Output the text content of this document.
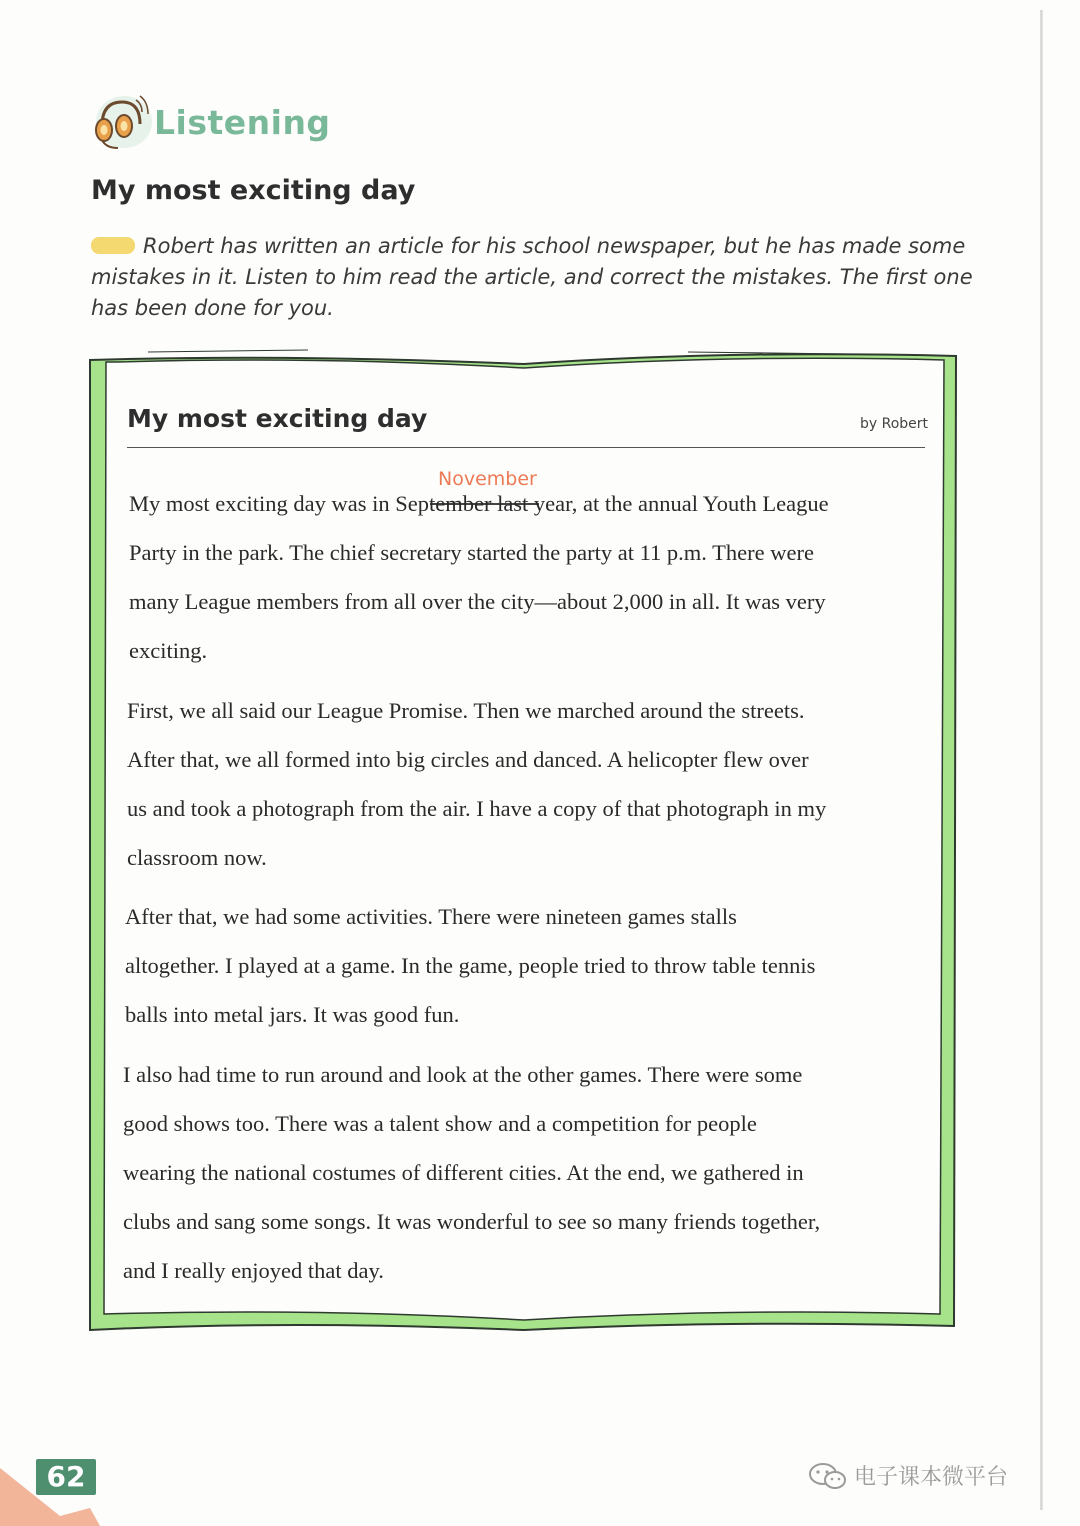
Listening
My most exciting day
Robert has written an article for his school newspaper, but he has made some mistakes in it. Listen to him read the article, and correct the mistakes. The first one has been done for you.
My most exciting day	by Robert
November
My most exciting day was in September last year, at the annual Youth League
Party in the park. The chief secretary started the party at 11 p.m. There were
many League members from all over the city—about 2,000 in all. It was very
exciting.
First, we all said our League Promise. Then we marched around the streets.
After that, we all formed into big circles and danced. A helicopter flew over
us and took a photograph from the air. I have a copy of that photograph in my
classroom now.
After that, we had some activities. There were nineteen games stalls
altogether. I played at a game. In the game, people tried to throw table tennis
balls into metal jars. It was good fun.
I also had time to run around and look at the other games. There were some
good shows too. There was a talent show and a competition for people
wearing the national costumes of different cities. At the end, we gathered in
clubs and sang some songs. It was wonderful to see so many friends together,
and I really enjoyed that day.
62	电子课本微平台
